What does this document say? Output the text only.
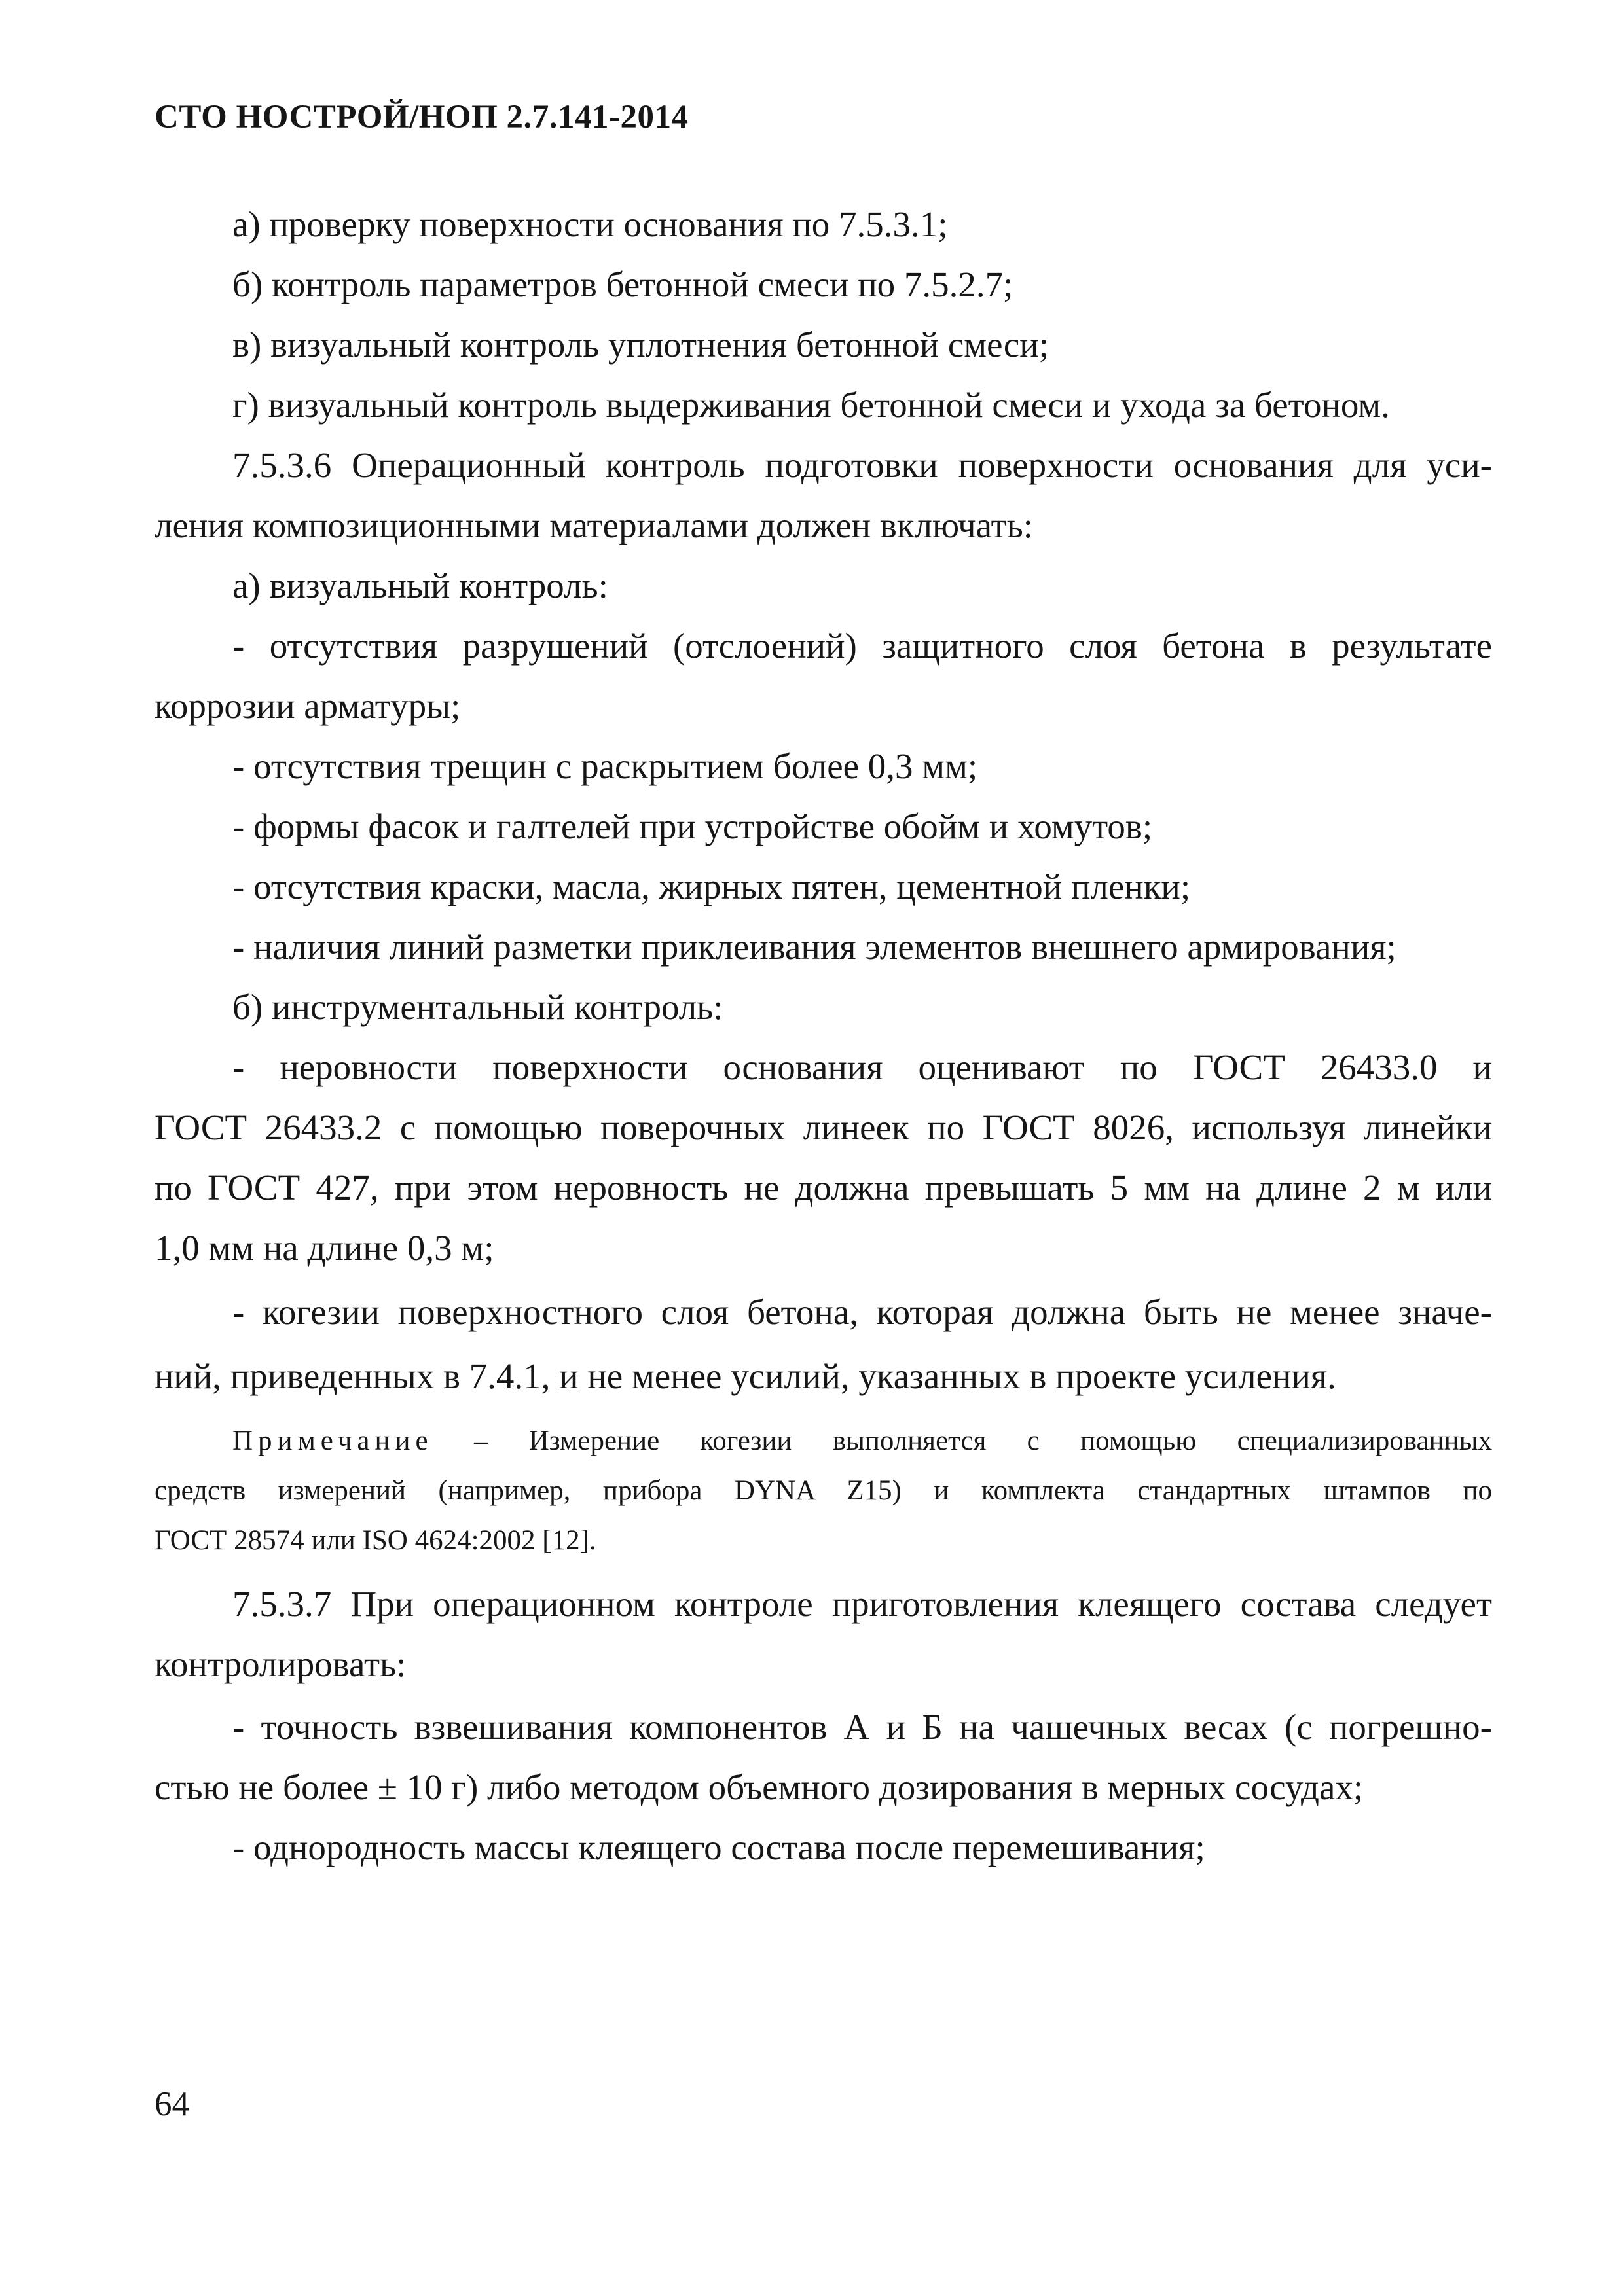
СТО НОСТРОЙ/НОП 2.7.141-2014
а) проверку поверхности основания по 7.5.3.1;
б) контроль параметров бетонной смеси по 7.5.2.7;
в) визуальный контроль уплотнения бетонной смеси;
г) визуальный контроль выдерживания бетонной смеси и ухода за бетоном.
7.5.3.6 Операционный контроль подготовки поверхности основания для уси-
ления композиционными материалами должен включать:
а) визуальный контроль:
- отсутствия разрушений (отслоений) защитного слоя бетона в результате
коррозии арматуры;
- отсутствия трещин с раскрытием более 0,3 мм;
- формы фасок и галтелей при устройстве обойм и хомутов;
- отсутствия краски, масла, жирных пятен, цементной пленки;
- наличия линий разметки приклеивания элементов внешнего армирования;
б) инструментальный контроль:
- неровности поверхности основания оценивают по ГОСТ 26433.0 и
ГОСТ 26433.2 с помощью поверочных линеек по ГОСТ 8026, используя линейки
по ГОСТ 427, при этом неровность не должна превышать 5 мм на длине 2 м или
1,0 мм на длине 0,3 м;
- когезии поверхностного слоя бетона, которая должна быть не менее значе-
ний, приведенных в 7.4.1, и не менее усилий, указанных в проекте усиления.
Примечание – Измерение когезии выполняется с помощью специализированных
средств измерений (например, прибора DYNA Z15) и комплекта стандартных штампов по
ГОСТ 28574 или ISO 4624:2002 [12].
7.5.3.7 При операционном контроле приготовления клеящего состава следует
контролировать:
- точность взвешивания компонентов А и Б на чашечных весах (с погрешно-
стью не более ± 10 г) либо методом объемного дозирования в мерных сосудах;
- однородность массы клеящего состава после перемешивания;
64
